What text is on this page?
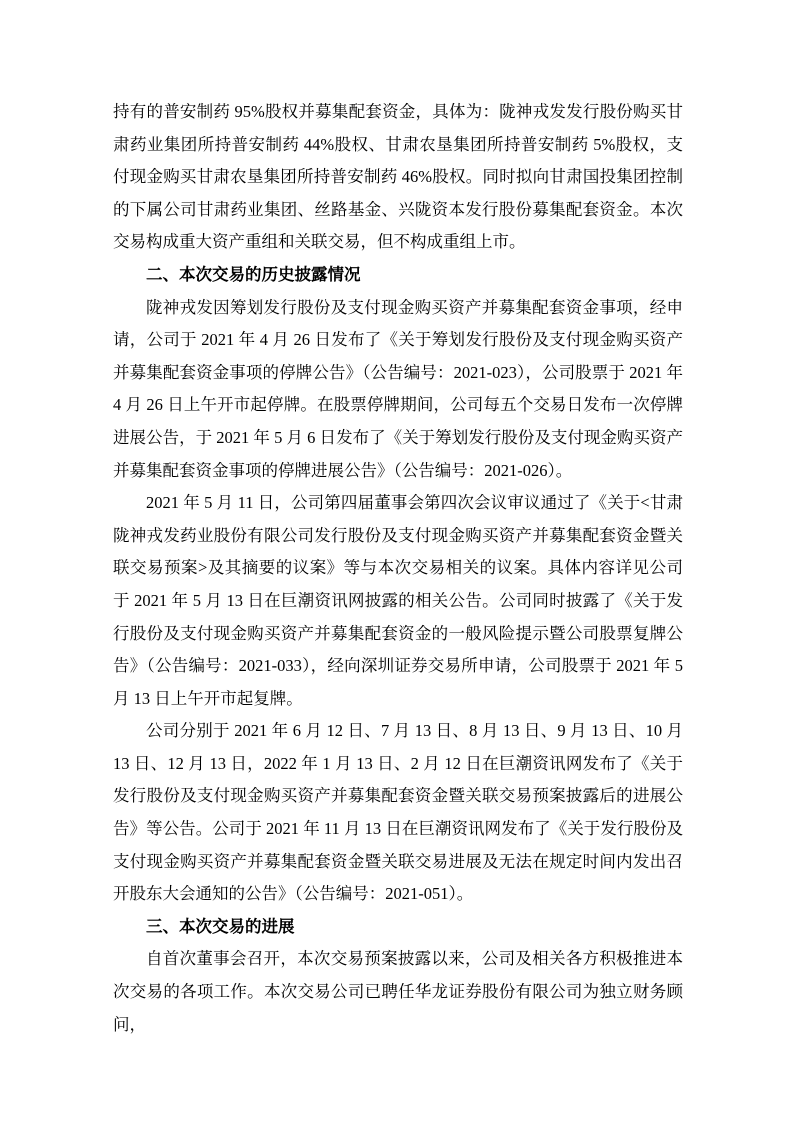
持有的普安制药 95%股权并募集配套资金，具体为：陇神戎发发行股份购买甘肃药业集团所持普安制药 44%股权、甘肃农垦集团所持普安制药 5%股权，支付现金购买甘肃农垦集团所持普安制药 46%股权。同时拟向甘肃国投集团控制的下属公司甘肃药业集团、丝路基金、兴陇资本发行股份募集配套资金。本次交易构成重大资产重组和关联交易，但不构成重组上市。

二、本次交易的历史披露情况

陇神戎发因筹划发行股份及支付现金购买资产并募集配套资金事项，经申请，公司于 2021 年 4 月 26 日发布了《关于筹划发行股份及支付现金购买资产并募集配套资金事项的停牌公告》（公告编号：2021-023），公司股票于 2021 年 4 月 26 日上午开市起停牌。在股票停牌期间，公司每五个交易日发布一次停牌进展公告，于 2021 年 5 月 6 日发布了《关于筹划发行股份及支付现金购买资产并募集配套资金事项的停牌进展公告》（公告编号：2021-026）。

2021 年 5 月 11 日，公司第四届董事会第四次会议审议通过了《关于<甘肃陇神戎发药业股份有限公司发行股份及支付现金购买资产并募集配套资金暨关联交易预案>及其摘要的议案》等与本次交易相关的议案。具体内容详见公司于 2021 年 5 月 13 日在巨潮资讯网披露的相关公告。公司同时披露了《关于发行股份及支付现金购买资产并募集配套资金的一般风险提示暨公司股票复牌公告》（公告编号：2021-033），经向深圳证券交易所申请，公司股票于 2021 年 5 月 13 日上午开市起复牌。

公司分别于 2021 年 6 月 12 日、7 月 13 日、8 月 13 日、9 月 13 日、10 月 13 日、12 月 13 日，2022 年 1 月 13 日、2 月 12 日在巨潮资讯网发布了《关于发行股份及支付现金购买资产并募集配套资金暨关联交易预案披露后的进展公告》等公告。公司于 2021 年 11 月 13 日在巨潮资讯网发布了《关于发行股份及支付现金购买资产并募集配套资金暨关联交易进展及无法在规定时间内发出召开股东大会通知的公告》（公告编号：2021-051）。

三、本次交易的进展

自首次董事会召开，本次交易预案披露以来，公司及相关各方积极推进本次交易的各项工作。本次交易公司已聘任华龙证券股份有限公司为独立财务顾问，
